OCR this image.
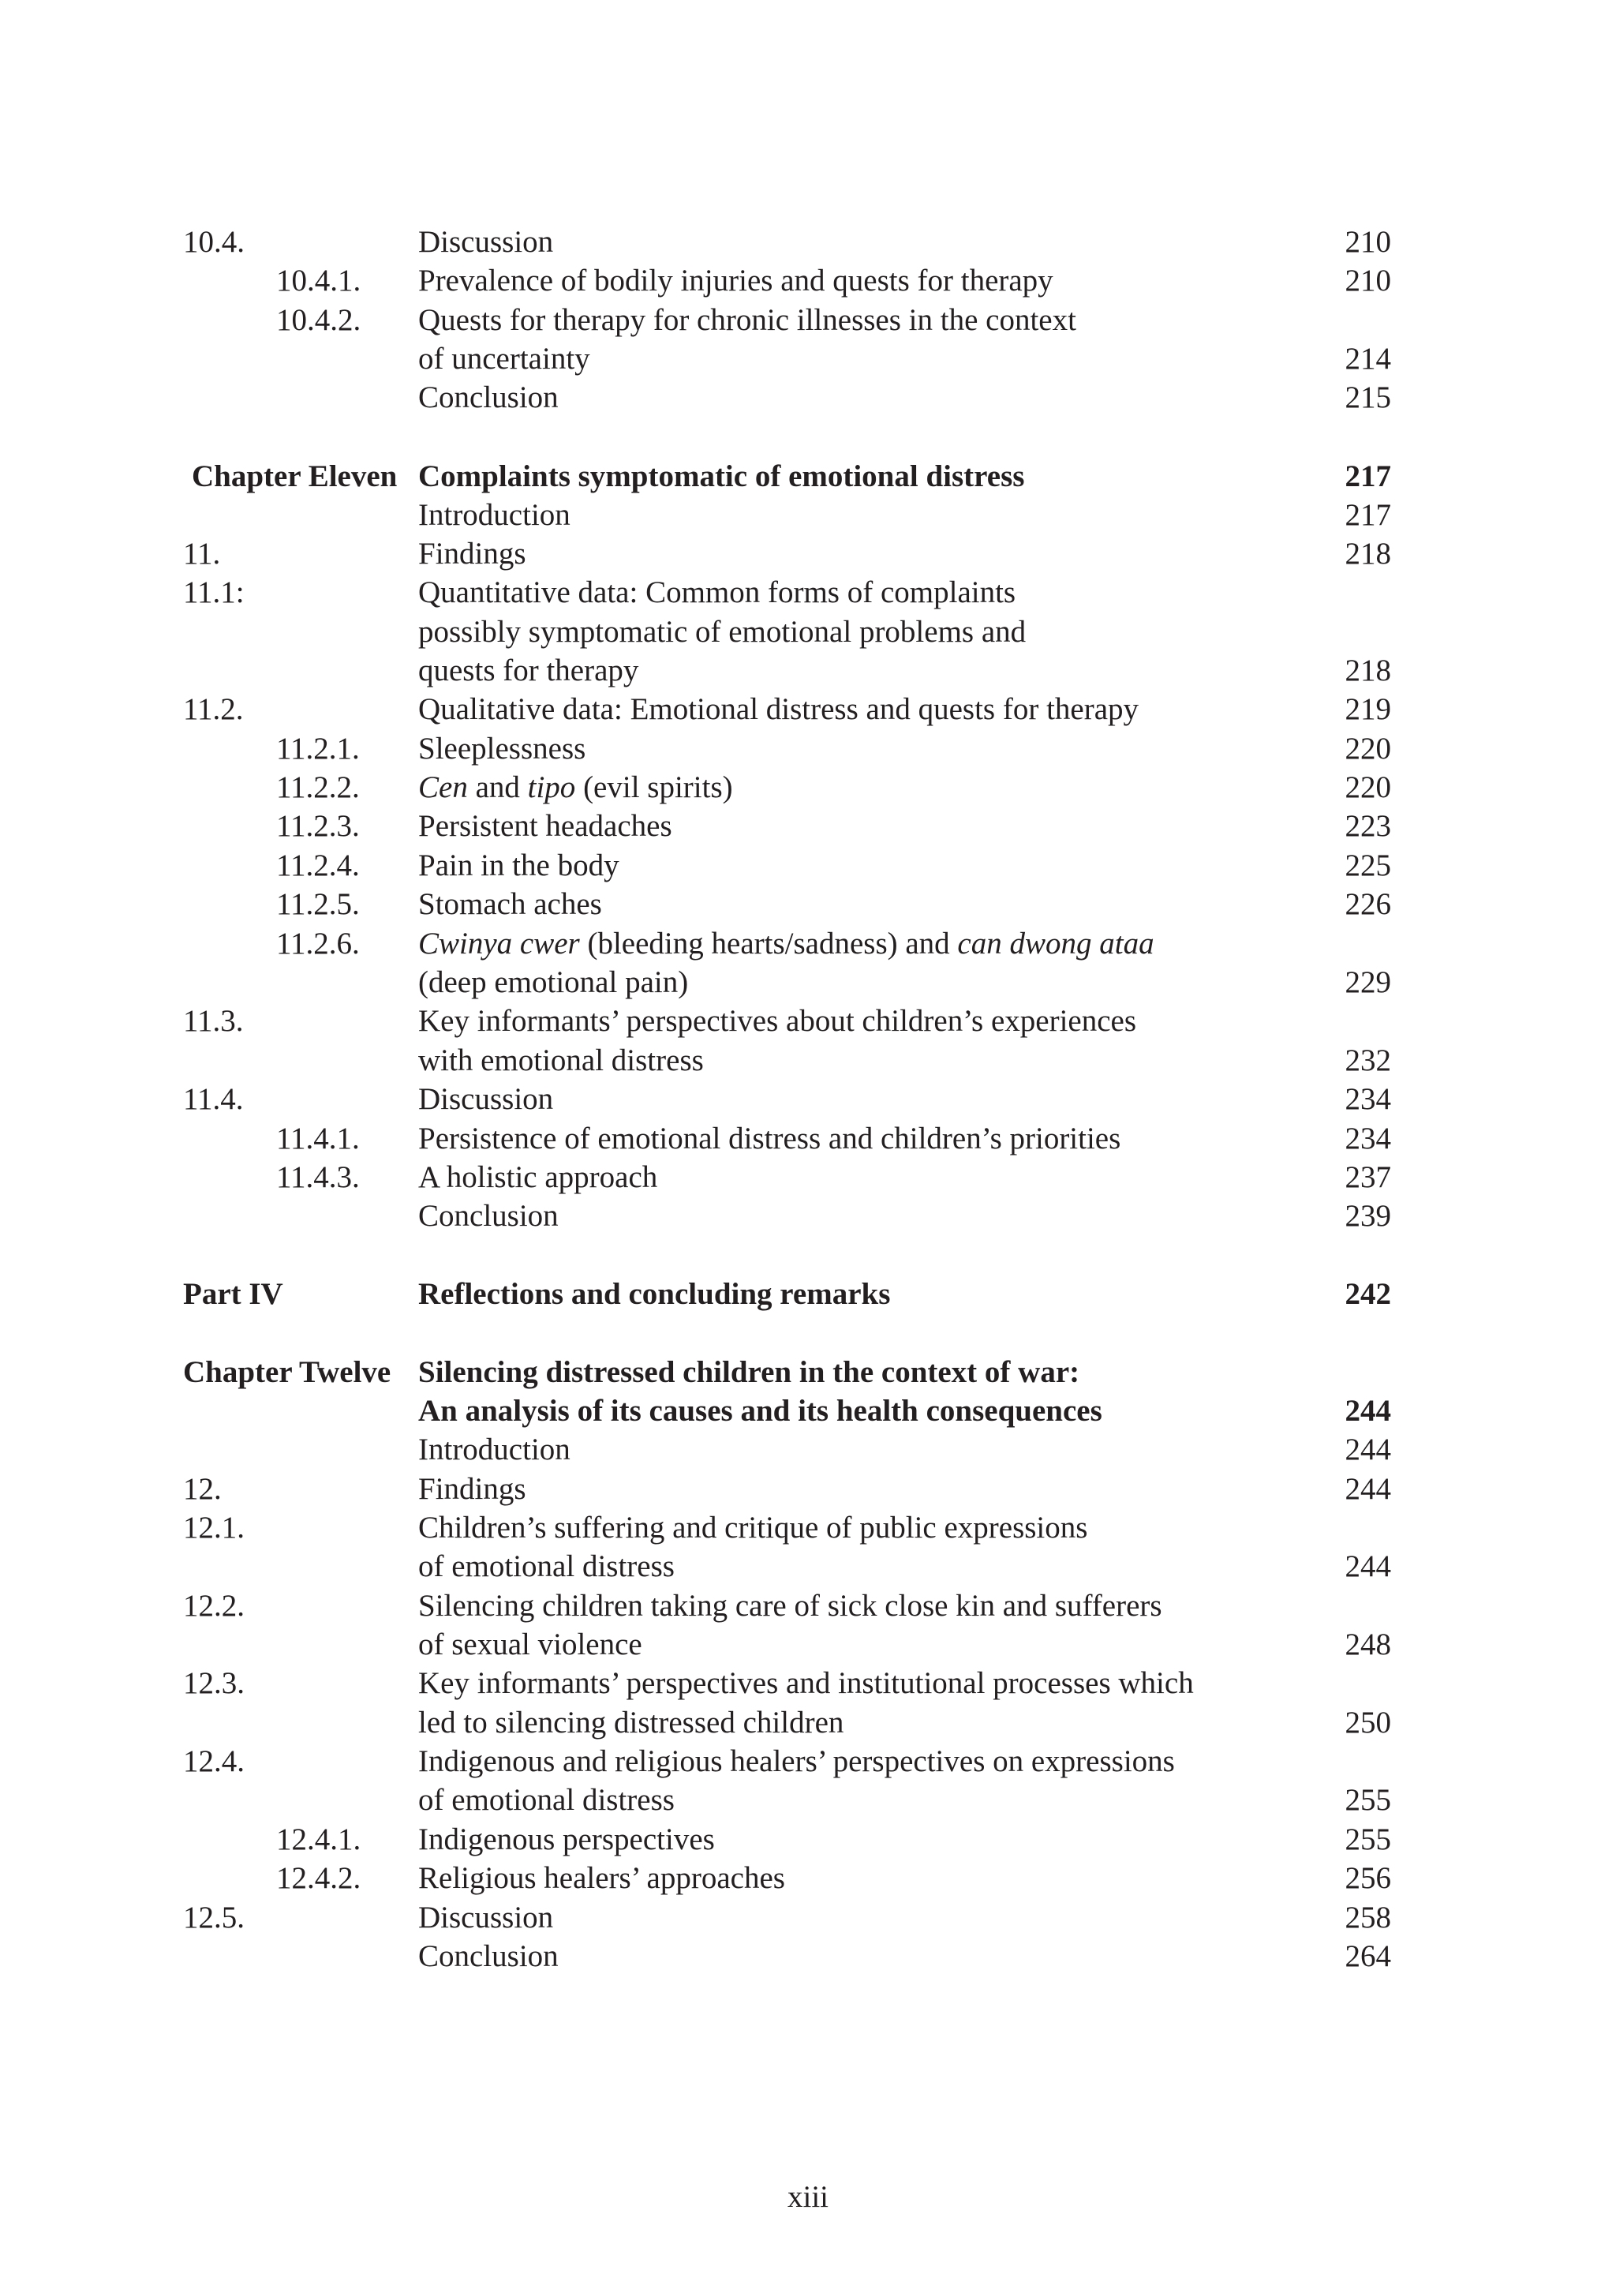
10.4.	Discussion	210
10.4.1. Prevalence of bodily injuries and quests for therapy	210
10.4.2. Quests for therapy for chronic illnesses in the context
of uncertainty	214
Conclusion	215
Chapter Eleven Complaints symptomatic of emotional distress	217
Introduction	217
11.	Findings	218
11.1:	Quantitative data: Common forms of complaints
possibly symptomatic of emotional problems and
quests for therapy	218
11.2.	Qualitative data: Emotional distress and quests for therapy	219
11.2.1. Sleeplessness	220
11.2.2. Cen and tipo (evil spirits)	220
11.2.3. Persistent headaches	223
11.2.4. Pain in the body	225
11.2.5. Stomach aches	226
11.2.6. Cwinya cwer (bleeding hearts/sadness) and can dwong ataa
(deep emotional pain)	229
11.3.	Key informants’ perspectives about children’s experiences
with emotional distress	232
11.4.	Discussion	234
11.4.1. Persistence of emotional distress and children’s priorities	234
11.4.3. A holistic approach	237
Conclusion	239
Part IV	Reflections and concluding remarks	242
Chapter Twelve Silencing distressed children in the context of war:
An analysis of its causes and its health consequences	244
Introduction	244
12.	Findings	244
12.1.	Children’s suffering and critique of public expressions
of emotional distress	244
12.2.	Silencing children taking care of sick close kin and sufferers
of sexual violence	248
12.3.	Key informants’ perspectives and institutional processes which
led to silencing distressed children	250
12.4.	Indigenous and religious healers’ perspectives on expressions
of emotional distress	255
12.4.1. Indigenous perspectives	255
12.4.2. Religious healers’ approaches	256
12.5.	Discussion	258
Conclusion	264
xiii
